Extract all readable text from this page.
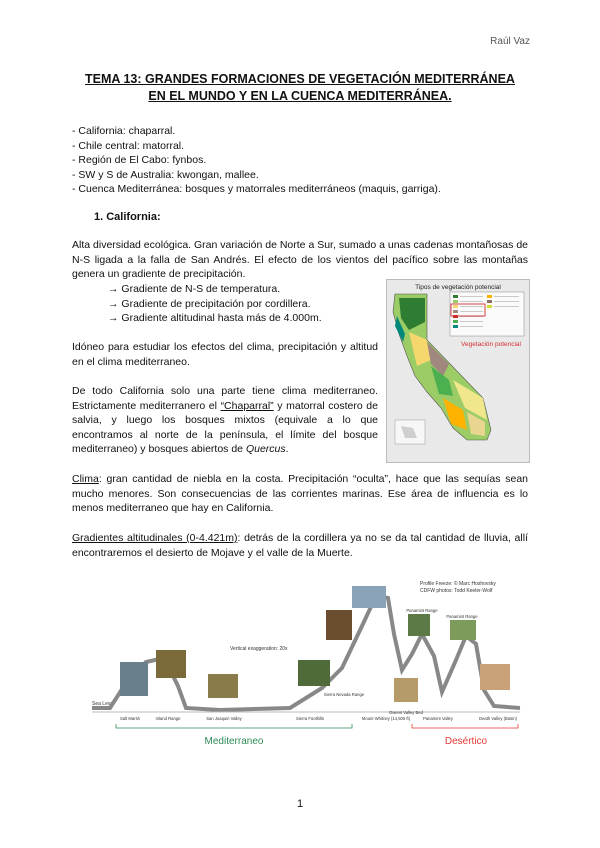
Raúl Vaz
TEMA 13: GRANDES FORMACIONES DE VEGETACIÓN MEDITERRÁNEA
EN EL MUNDO Y EN LA CUENCA MEDITERRÁNEA.
- California: chaparral.
- Chile central: matorral.
- Región de El Cabo: fynbos.
- SW y S de Australia: kwongan, mallee.
- Cuenca Mediterránea: bosques y matorrales mediterráneos (maquis, garriga).
1. California:
Alta diversidad ecológica. Gran variación de Norte a Sur, sumado a unas cadenas montañosas de N-S ligada a la falla de San Andrés. El efecto de los vientos del pacífico sobre las montañas genera un gradiente de precipitación.
→ Gradiente de N-S de temperatura.
→ Gradiente de precipitación por cordillera.
→ Gradiente altitudinal hasta más de 4.000m.
Idóneo para estudiar los efectos del clima, precipitación y altitud en el clima mediterraneo.
De todo California solo una parte tiene clima mediterraneo. Estrictamente mediterranero el “Chaparral” y matorral costero de salvia, y luego los bosques mixtos (equivale a lo que encontramos al norte de la península, el límite del bosque mediterraneo) y bosques abiertos de Quercus.
Tipos de vegetación potencial
Vegetación potencial
Clima: gran cantidad de niebla en la costa. Precipitación “oculta”, hace que las sequías sean mucho menores. Son consecuencias de las corrientes marinas. Ese área de influencia es lo menos mediterraneo que hay en California.
Gradientes altitudinales (0-4.421m): detrás de la cordillera ya no se da tal cantidad de lluvia, allí encontraremos el desierto de Mojave y el valle de la Muerte.
Profile Freeze: © Marc Hoshovsky
CDFW photos: Todd Keeler-Wolf
Vertical exaggeration: 20x
Sea Level
Salt Marsh	Inland Range	San Joaquin Valley	Sierra Foothills
Sierra Nevada Range
Owens Valley Bed
Panamint Range
Panamint Valley
Panamint Range
Death Valley (Basin)
Mount Whitney (14,505 ft)
Mediterraneo	Desértico
1
